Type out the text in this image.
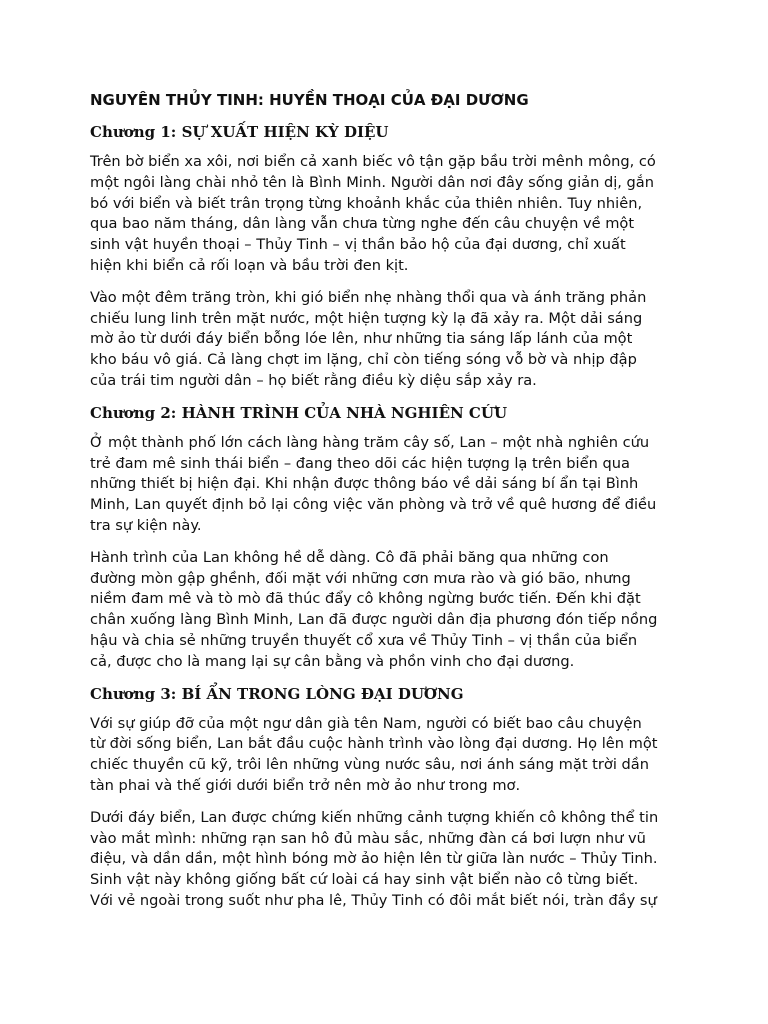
NGUYÊN THỦY TINH: HUYỀN THOẠI CỦA ĐẠI DƯƠNG
Chương 1: SỰ XUẤT HIỆN KỲ DIỆU
Trên bờ biển xa xôi, nơi biển cả xanh biếc vô tận gặp bầu trời mênh mông, có
một ngôi làng chài nhỏ tên là Bình Minh. Người dân nơi đây sống giản dị, gắn
bó với biển và biết trân trọng từng khoảnh khắc của thiên nhiên. Tuy nhiên,
qua bao năm tháng, dân làng vẫn chưa từng nghe đến câu chuyện về một
sinh vật huyền thoại – Thủy Tinh – vị thần bảo hộ của đại dương, chỉ xuất
hiện khi biển cả rối loạn và bầu trời đen kịt.
Vào một đêm trăng tròn, khi gió biển nhẹ nhàng thổi qua và ánh trăng phản
chiếu lung linh trên mặt nước, một hiện tượng kỳ lạ đã xảy ra. Một dải sáng
mờ ảo từ dưới đáy biển bỗng lóe lên, như những tia sáng lấp lánh của một
kho báu vô giá. Cả làng chợt im lặng, chỉ còn tiếng sóng vỗ bờ và nhịp đập
của trái tim người dân – họ biết rằng điều kỳ diệu sắp xảy ra.
Chương 2: HÀNH TRÌNH CỦA NHÀ NGHIÊN CỨU
Ở một thành phố lớn cách làng hàng trăm cây số, Lan – một nhà nghiên cứu
trẻ đam mê sinh thái biển – đang theo dõi các hiện tượng lạ trên biển qua
những thiết bị hiện đại. Khi nhận được thông báo về dải sáng bí ẩn tại Bình
Minh, Lan quyết định bỏ lại công việc văn phòng và trở về quê hương để điều
tra sự kiện này.
Hành trình của Lan không hề dễ dàng. Cô đã phải băng qua những con
đường mòn gập ghềnh, đối mặt với những cơn mưa rào và gió bão, nhưng
niềm đam mê và tò mò đã thúc đẩy cô không ngừng bước tiến. Đến khi đặt
chân xuống làng Bình Minh, Lan đã được người dân địa phương đón tiếp nồng
hậu và chia sẻ những truyền thuyết cổ xưa về Thủy Tinh – vị thần của biển
cả, được cho là mang lại sự cân bằng và phồn vinh cho đại dương.
Chương 3: BÍ ẨN TRONG LÒNG ĐẠI DƯƠNG
Với sự giúp đỡ của một ngư dân già tên Nam, người có biết bao câu chuyện
từ đời sống biển, Lan bắt đầu cuộc hành trình vào lòng đại dương. Họ lên một
chiếc thuyền cũ kỹ, trôi lên những vùng nước sâu, nơi ánh sáng mặt trời dần
tàn phai và thế giới dưới biển trở nên mờ ảo như trong mơ.
Dưới đáy biển, Lan được chứng kiến những cảnh tượng khiến cô không thể tin
vào mắt mình: những rạn san hô đủ màu sắc, những đàn cá bơi lượn như vũ
điệu, và dần dần, một hình bóng mờ ảo hiện lên từ giữa làn nước – Thủy Tinh.
Sinh vật này không giống bất cứ loài cá hay sinh vật biển nào cô từng biết.
Với vẻ ngoài trong suốt như pha lê, Thủy Tinh có đôi mắt biết nói, tràn đầy sự
